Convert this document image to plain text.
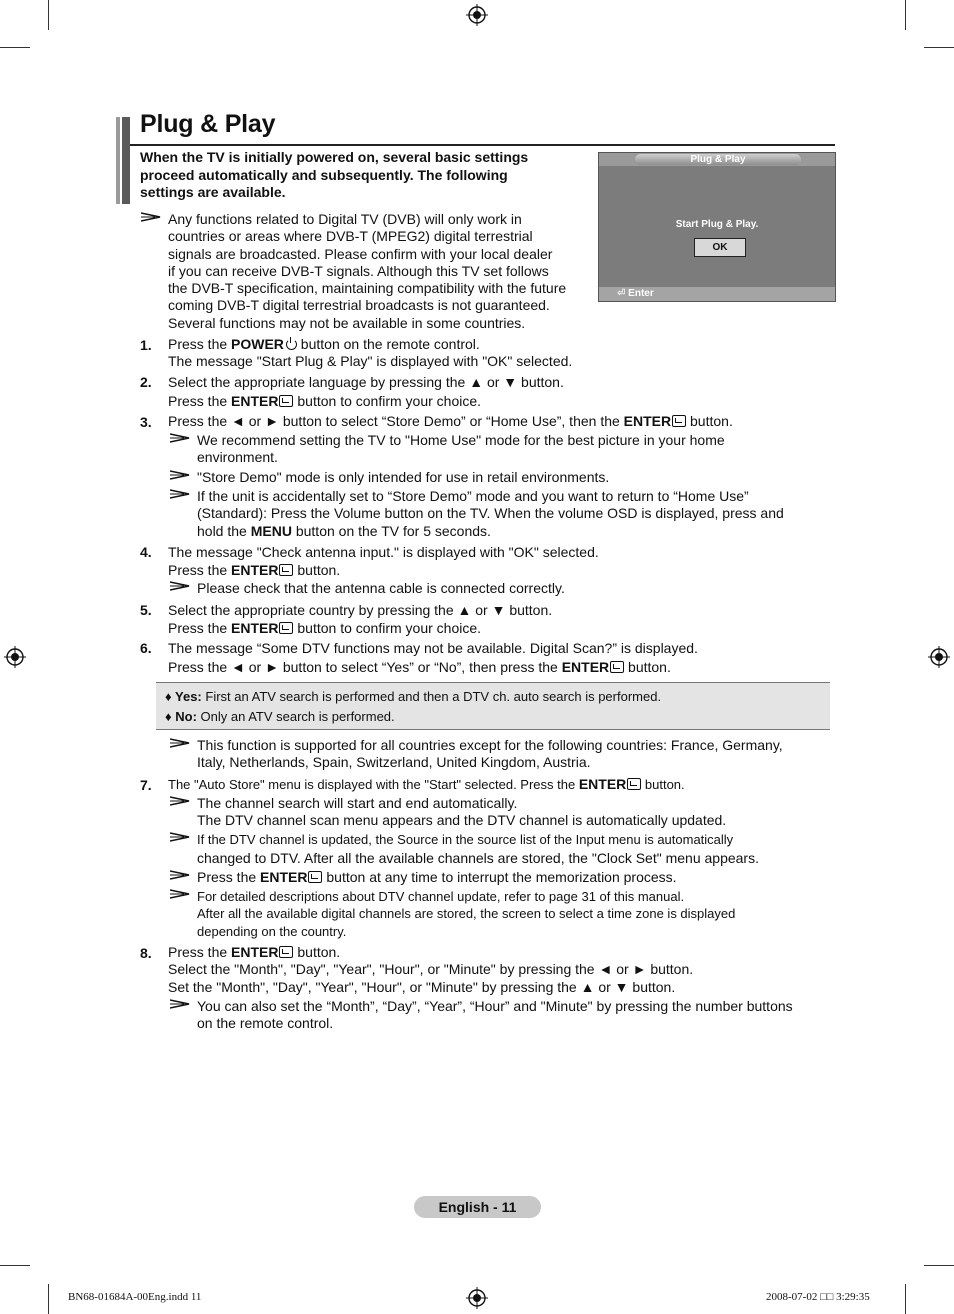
Plug & Play
When the TV is initially powered on, several basic settings
proceed automatically and subsequently. The following
settings are available.
Plug & Play
Start Plug & Play.
OK
⏎ Enter
Any functions related to Digital TV (DVB) will only work in
countries or areas where DVB-T (MPEG2) digital terrestrial
signals are broadcasted. Please confirm with your local dealer
if you can receive DVB-T signals. Although this TV set follows
the DVB-T specification, maintaining compatibility with the future
coming DVB-T digital terrestrial broadcasts is not guaranteed.
Several functions may not be available in some countries.
1. Press the POWER button on the remote control.
The message "Start Plug & Play" is displayed with "OK" selected.
2. Select the appropriate language by pressing the ▲ or ▼ button.
Press the ENTER button to confirm your choice.
3. Press the ◄ or ► button to select “Store Demo” or “Home Use”, then the ENTER button.
We recommend setting the TV to "Home Use" mode for the best picture in your home
environment.
"Store Demo" mode is only intended for use in retail environments.
If the unit is accidentally set to “Store Demo” mode and you want to return to “Home Use”
(Standard): Press the Volume button on the TV. When the volume OSD is displayed, press and
hold the MENU button on the TV for 5 seconds.
4. The message "Check antenna input." is displayed with "OK" selected.
Press the ENTER button.
Please check that the antenna cable is connected correctly.
5. Select the appropriate country by pressing the ▲ or ▼ button.
Press the ENTER button to confirm your choice.
6. The message “Some DTV functions may not be available. Digital Scan?” is displayed.
Press the ◄ or ► button to select “Yes” or “No”, then press the ENTER button.
♦ Yes: First an ATV search is performed and then a DTV ch. auto search is performed.
♦ No: Only an ATV search is performed.
This function is supported for all countries except for the following countries: France, Germany,
Italy, Netherlands, Spain, Switzerland, United Kingdom, Austria.
7. The "Auto Store" menu is displayed with the "Start" selected. Press the ENTER button.
The channel search will start and end automatically.
The DTV channel scan menu appears and the DTV channel is automatically updated.
If the DTV channel is updated, the Source in the source list of the Input menu is automatically
changed to DTV. After all the available channels are stored, the "Clock Set" menu appears.
Press the ENTER button at any time to interrupt the memorization process.
For detailed descriptions about DTV channel update, refer to page 31 of this manual.
After all the available digital channels are stored, the screen to select a time zone is displayed
depending on the country.
8. Press the ENTER button.
Select the "Month", "Day", "Year", "Hour", or "Minute" by pressing the ◄ or ► button.
Set the "Month", "Day", "Year", "Hour", or "Minute" by pressing the ▲ or ▼ button.
You can also set the “Month”, “Day”, “Year”, “Hour” and "Minute" by pressing the number buttons
on the remote control.
English - 11
BN68-01684A-00Eng.indd 11	2008-07-02 □□ 3:29:35
